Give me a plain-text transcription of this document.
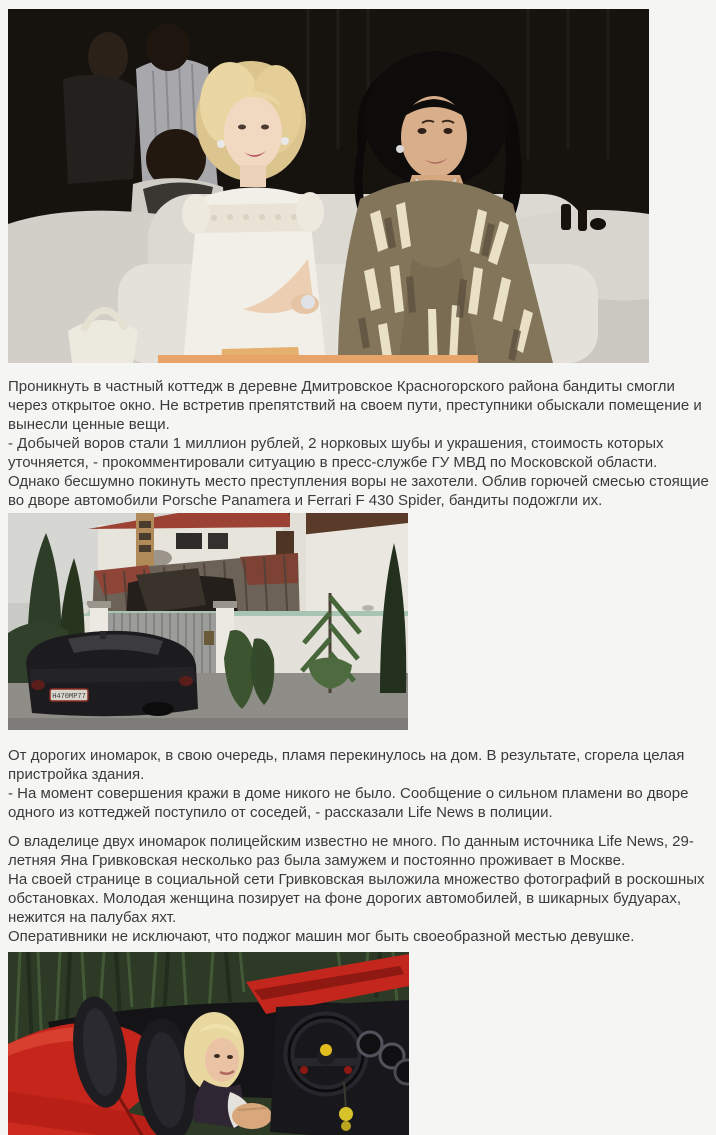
Проникнуть в частный коттедж в деревне Дмитровское Красногорского района бандиты смогли через открытое окно. Не встретив препятствий на своем пути, преступники обыскали помещение и вынесли ценные вещи.

- Добычей воров стали 1 миллион рублей, 2 норковых шубы и украшения, стоимость которых уточняется, - прокомментировали ситуацию в пресс-службе ГУ МВД по Московской области.

Однако бесшумно покинуть место преступления воры не захотели. Облив горючей смесью стоящие во дворе автомобили Porsche Panamera и Ferrari F 430 Spider, бандиты подожгли их.

Н470МР77

От дорогих иномарок, в свою очередь, пламя перекинулось на дом. В результате, сгорела целая пристройка здания.

- На момент совершения кражи в доме никого не было. Сообщение о сильном пламени во дворе одного из коттеджей поступило от соседей, - рассказали Life News в полиции.

О владелице двух иномарок полицейским известно не много. По данным источника Life News, 29-летняя Яна Гривковская несколько раз была замужем и постоянно проживает в Москве.

На своей странице в социальной сети Гривковская выложила множество фотографий в роскошных обстановках. Молодая женщина позирует на фоне дорогих автомобилей, в шикарных будуарах, нежится на палубах яхт.

Оперативники не исключают, что поджог машин мог быть своеобразной местью девушке.
